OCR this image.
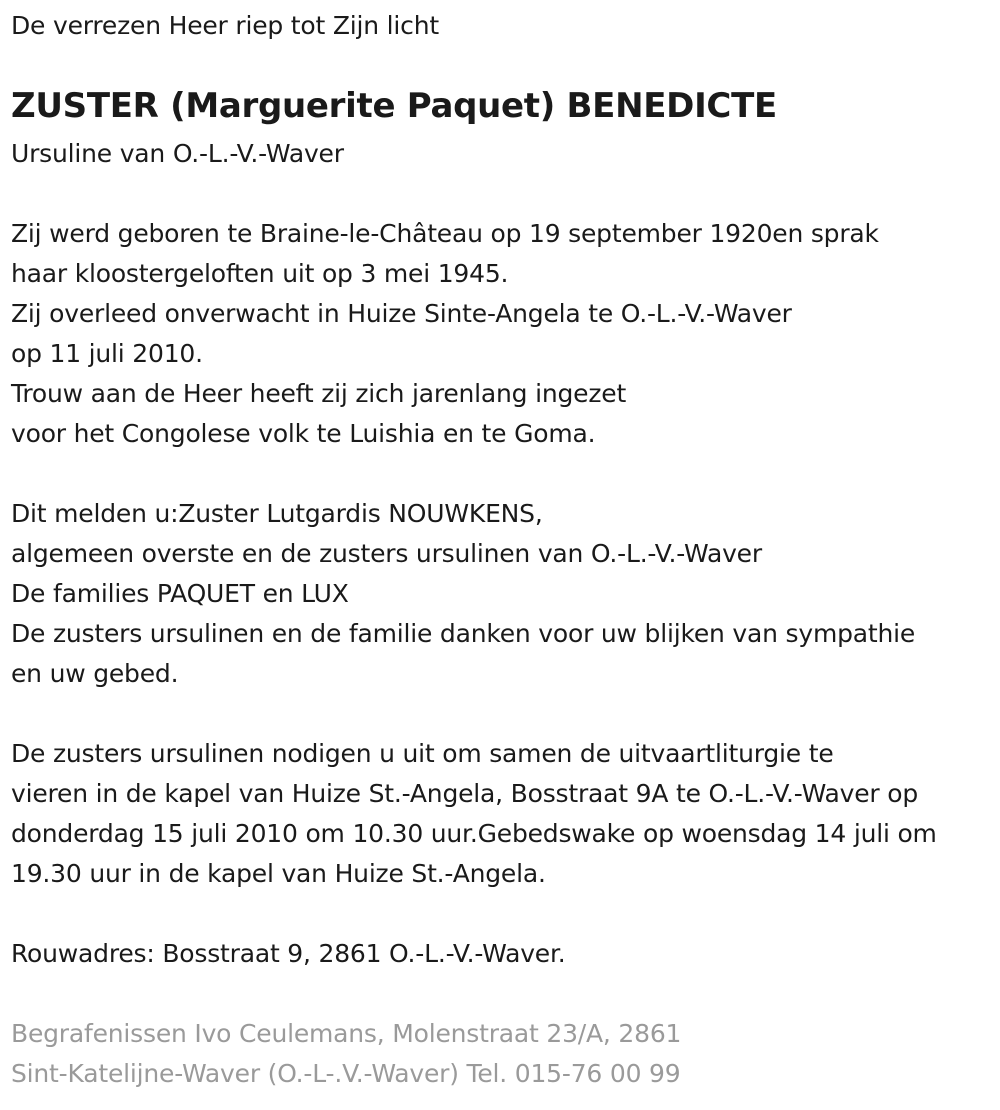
De verrezen Heer riep tot Zijn licht
ZUSTER (Marguerite Paquet) BENEDICTE
Ursuline van O.-L.-V.-Waver
Zij werd geboren te Braine-le-Château op 19 september 1920en sprak
haar kloostergeloften uit op 3 mei 1945.
Zij overleed onverwacht in Huize Sinte-Angela te O.-L.-V.-Waver
op 11 juli 2010.
Trouw aan de Heer heeft zij zich jarenlang ingezet
voor het Congolese volk te Luishia en te Goma.
Dit melden u:Zuster Lutgardis NOUWKENS,
algemeen overste en de zusters ursulinen van O.-L.-V.-Waver
De families PAQUET en LUX
De zusters ursulinen en de familie danken voor uw blijken van sympathie
en uw gebed.
De zusters ursulinen nodigen u uit om samen de uitvaartliturgie te
vieren in de kapel van Huize St.-Angela, Bosstraat 9A te O.-L.-V.-Waver op
donderdag 15 juli 2010 om 10.30 uur.Gebedswake op woensdag 14 juli om
19.30 uur in de kapel van Huize St.-Angela.
Rouwadres: Bosstraat 9, 2861 O.-L.-V.-Waver.
Begrafenissen Ivo Ceulemans, Molenstraat 23/A, 2861
Sint-Katelijne-Waver (O.-L-.V.-Waver) Tel. 015-76 00 99
